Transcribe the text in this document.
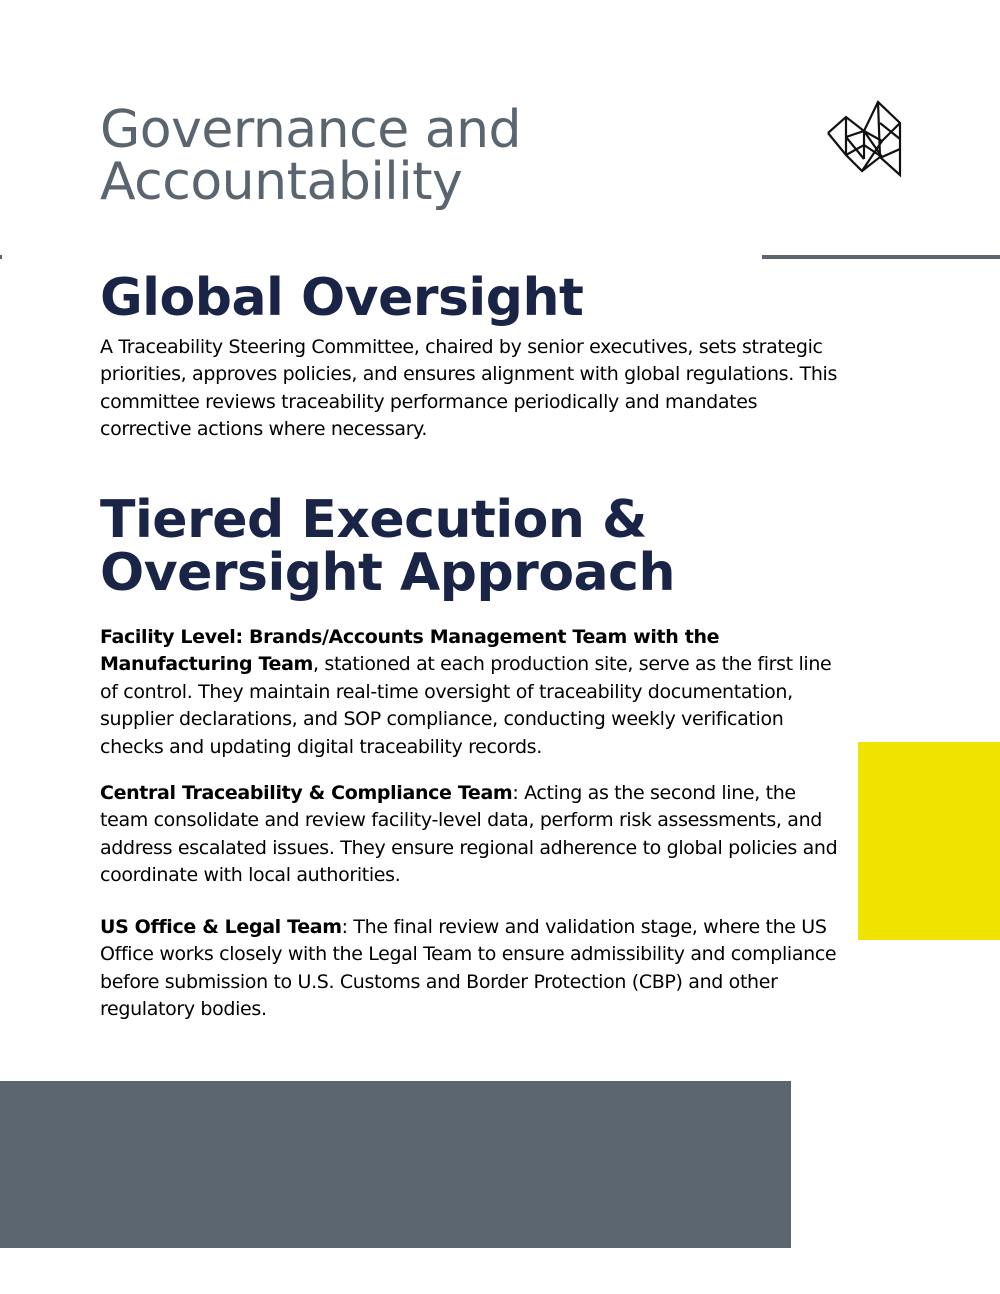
Governance and
Accountability
Global Oversight

A Traceability Steering Committee, chaired by senior executives, sets strategic priorities, approves policies, and ensures alignment with global regulations. This committee reviews traceability performance periodically and mandates corrective actions where necessary.

Tiered Execution &
Oversight Approach

Facility Level: Brands/Accounts Management Team with the Manufacturing Team, stationed at each production site, serve as the first line of control. They maintain real-time oversight of traceability documentation, supplier declarations, and SOP compliance, conducting weekly verification checks and updating digital traceability records.

Central Traceability & Compliance Team: Acting as the second line, the team consolidate and review facility-level data, perform risk assessments, and address escalated issues. They ensure regional adherence to global policies and coordinate with local authorities.

US Office & Legal Team: The final review and validation stage, where the US Office works closely with the Legal Team to ensure admissibility and compliance before submission to U.S. Customs and Border Protection (CBP) and other regulatory bodies.
